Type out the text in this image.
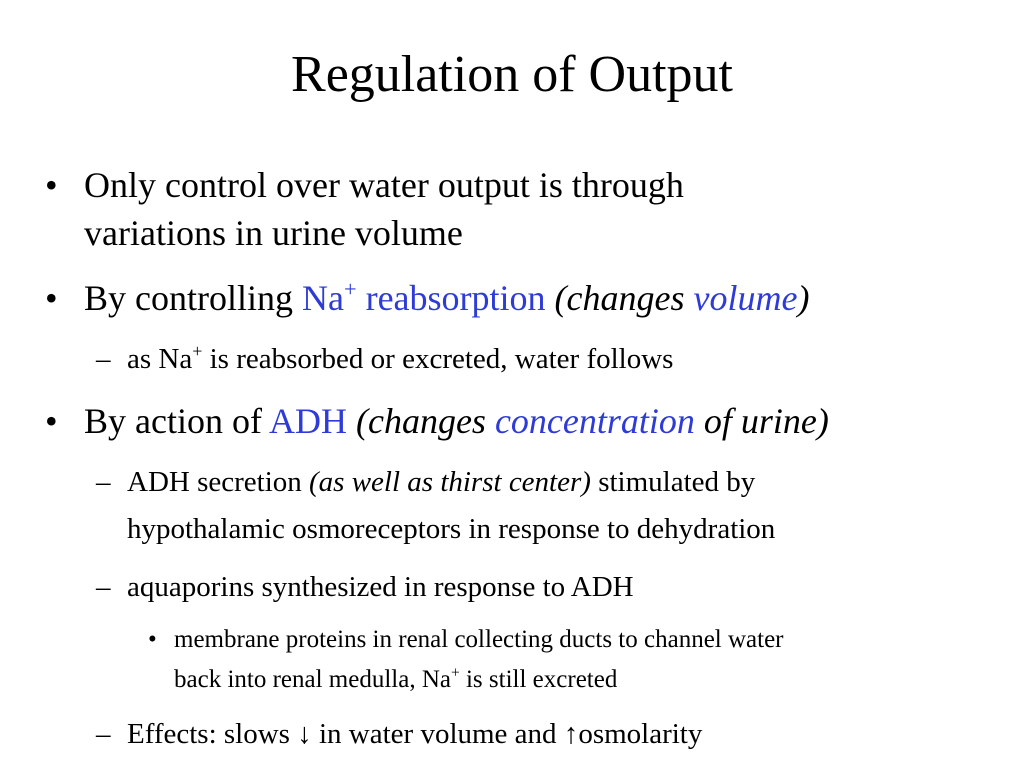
Regulation of Output
• Only control over water output is through
variations in urine volume
• By controlling Na+ reabsorption (changes volume)
– as Na+ is reabsorbed or excreted, water follows
• By action of ADH (changes concentration of urine)
– ADH secretion (as well as thirst center) stimulated by
hypothalamic osmoreceptors in response to dehydration
– aquaporins synthesized in response to ADH
• membrane proteins in renal collecting ducts to channel water
back into renal medulla, Na+ is still excreted
– Effects: slows ↓ in water volume and ↑osmolarity
